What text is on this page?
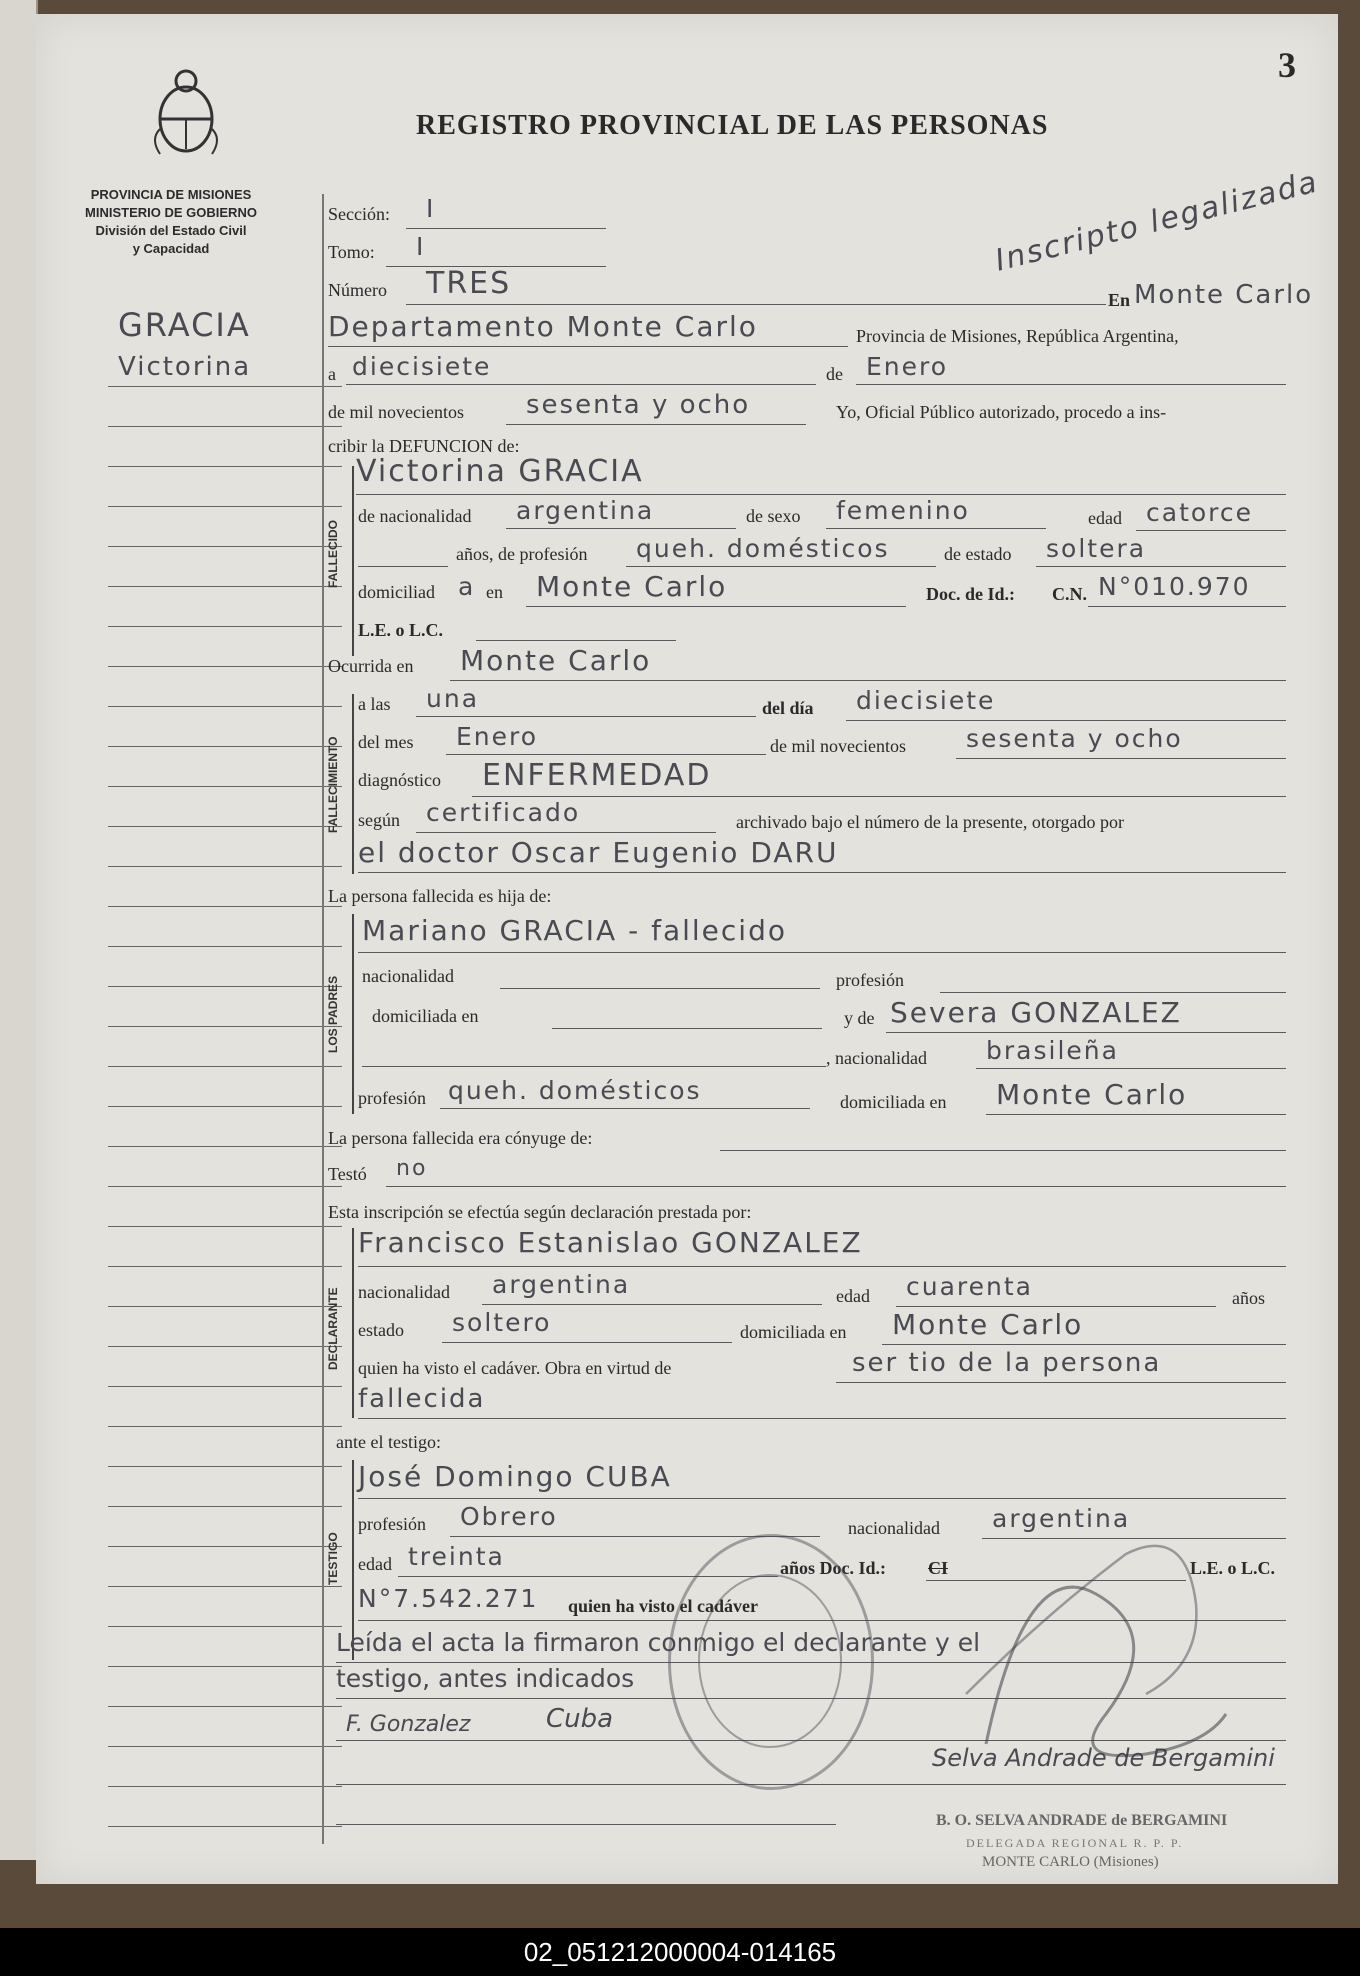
3
PROVINCIA DE MISIONES
MINISTERIO DE GOBIERNO
División del Estado Civil
y Capacidad
REGISTRO PROVINCIAL DE LAS PERSONAS
Inscripto legalizada
GRACIA
Victorina
Sección: I
Tomo: I
Número TRES	En Monte Carlo
Departamento Monte Carlo	Provincia de Misiones, República Argentina,
a diecisiete	de Enero
de mil novecientos sesenta y ocho	Yo, Oficial Público autorizado, procedo a ins-
cribir la DEFUNCION de:
FALLECIDO
Victorina GRACIA
de nacionalidad argentina	de sexo femenino	edad catorce
años, de profesión queh. domésticos	de estado soltera
domiciliad a en Monte Carlo	Doc. de Id.: C.N. N°010.970
L.E. o L.C.
Ocurrida en Monte Carlo
FALLECIMIENTO
a las una	del día diecisiete
del mes Enero	de mil novecientos sesenta y ocho
diagnóstico ENFERMEDAD
según certificado	archivado bajo el número de la presente, otorgado por
el doctor Oscar Eugenio DARU
La persona fallecida es hija de:
LOS PADRES
Mariano GRACIA - fallecido
nacionalidad	profesión
domiciliada en	y de Severa GONZALEZ
, nacionalidad brasileña
profesión queh. domésticos	domiciliada en Monte Carlo
La persona fallecida era cónyuge de:
Testó no
Esta inscripción se efectúa según declaración prestada por:
DECLARANTE
Francisco Estanislao GONZALEZ
nacionalidad argentina	edad cuarenta	años
estado soltero	domiciliada en Monte Carlo
quien ha visto el cadáver. Obra en virtud de	ser tio de la persona
fallecida
ante el testigo:
TESTIGO
José Domingo CUBA
profesión Obrero	nacionalidad argentina
edad treinta	años Doc. Id.: CI	L.E. o L.C.
N°7.542.271 quien ha visto el cadáver
Leída el acta la firmaron conmigo el declarante y el
testigo, antes indicados
F. Gonzalez	Cuba
Selva Andrade de Bergamini
B. O. SELVA ANDRADE de BERGAMINI
DELEGADA REGIONAL R. P. P.
MONTE CARLO (Misiones)
02_051212000004-014165
